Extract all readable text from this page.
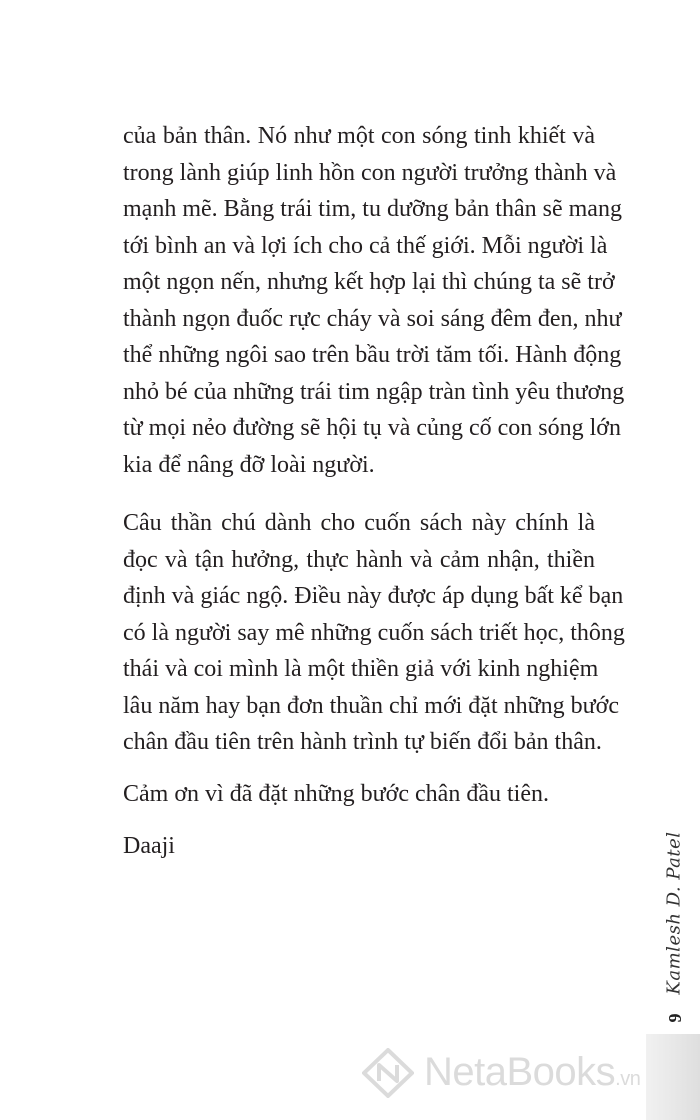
của bản thân. Nó như một con sóng tinh khiết và
trong lành giúp linh hồn con người trưởng thành và
mạnh mẽ. Bằng trái tim, tu dưỡng bản thân sẽ mang
tới bình an và lợi ích cho cả thế giới. Mỗi người là
một ngọn nến, nhưng kết hợp lại thì chúng ta sẽ trở
thành ngọn đuốc rực cháy và soi sáng đêm đen, như
thể những ngôi sao trên bầu trời tăm tối. Hành động
nhỏ bé của những trái tim ngập tràn tình yêu thương
từ mọi nẻo đường sẽ hội tụ và củng cố con sóng lớn
kia để nâng đỡ loài người.
Câu thần chú dành cho cuốn sách này chính là
đọc và tận hưởng, thực hành và cảm nhận, thiền
định và giác ngộ. Điều này được áp dụng bất kể bạn
có là người say mê những cuốn sách triết học, thông
thái và coi mình là một thiền giả với kinh nghiệm
lâu năm hay bạn đơn thuần chỉ mới đặt những bước
chân đầu tiên trên hành trình tự biến đổi bản thân.
Cảm ơn vì đã đặt những bước chân đầu tiên.
Daaji	Kamlesh D. Patel
9
NetaBooks.vn
